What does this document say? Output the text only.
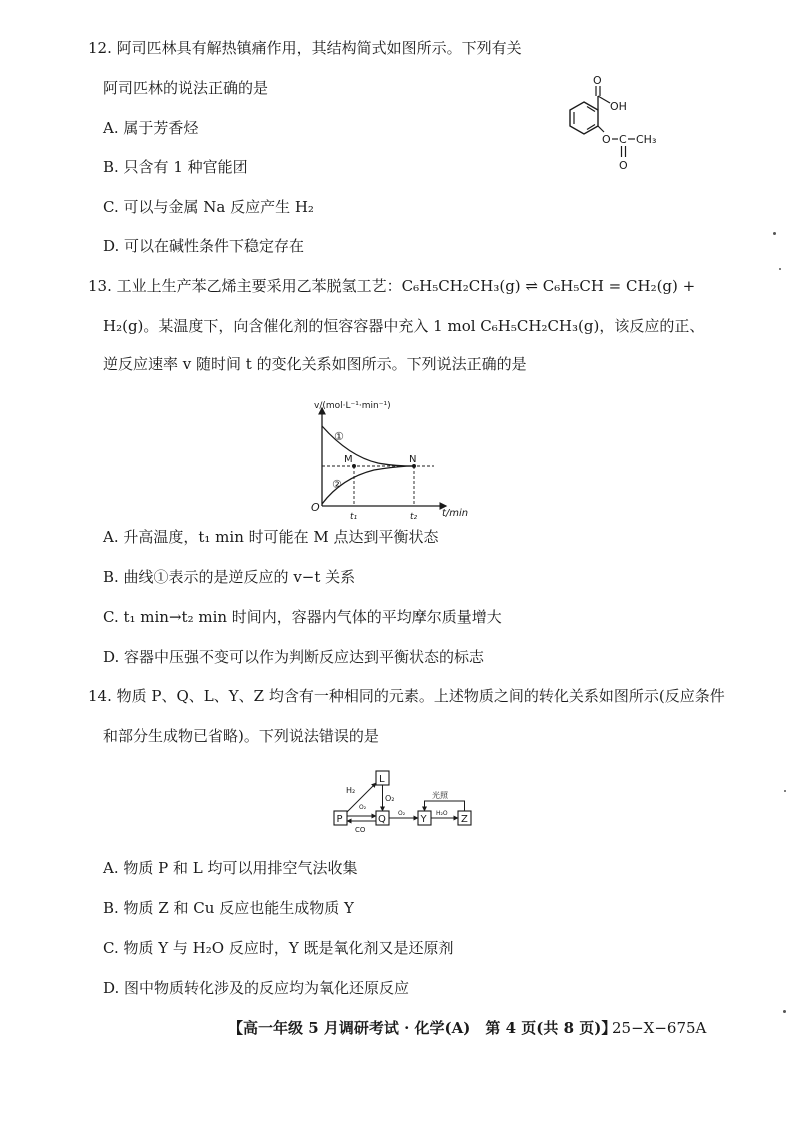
12. 阿司匹林具有解热镇痛作用，其结构简式如图所示。下列有关
阿司匹林的说法正确的是
A. 属于芳香烃
B. 只含有 1 种官能团
C. 可以与金属 Na 反应产生 H₂
D. 可以在碱性条件下稳定存在
O
OH
O C CH₃
O
13. 工业上生产苯乙烯主要采用乙苯脱氢工艺：C₆H₅CH₂CH₃(g) ⇌ C₆H₅CH = CH₂(g) +
H₂(g)。某温度下，向含催化剂的恒容容器中充入 1 mol C₆H₅CH₂CH₃(g)，该反应的正、
逆反应速率 v 随时间 t 的变化关系如图所示。下列说法正确的是
v/(mol·L⁻¹·min⁻¹)
t/min
O
①
②
M	N
t₁	t₂
A. 升高温度，t₁ min 时可能在 M 点达到平衡状态
B. 曲线①表示的是逆反应的 v−t 关系
C. t₁ min→t₂ min 时间内，容器内气体的平均摩尔质量增大
D. 容器中压强不变可以作为判断反应达到平衡状态的标志
14. 物质 P、Q、L、Y、Z 均含有一种相同的元素。上述物质之间的转化关系如图所示(反应条件
和部分生成物已省略)。下列说法错误的是
P
L
Q	Y	Z
H₂
O₂
O₂
CO
O₂	H₂O
光照
A. 物质 P 和 L 均可以用排空气法收集
B. 物质 Z 和 Cu 反应也能生成物质 Y
C. 物质 Y 与 H₂O 反应时，Y 既是氧化剂又是还原剂
D. 图中物质转化涉及的反应均为氧化还原反应
【高一年级 5 月调研考试 · 化学(A)　第 4 页(共 8 页)】
25−X−675A
